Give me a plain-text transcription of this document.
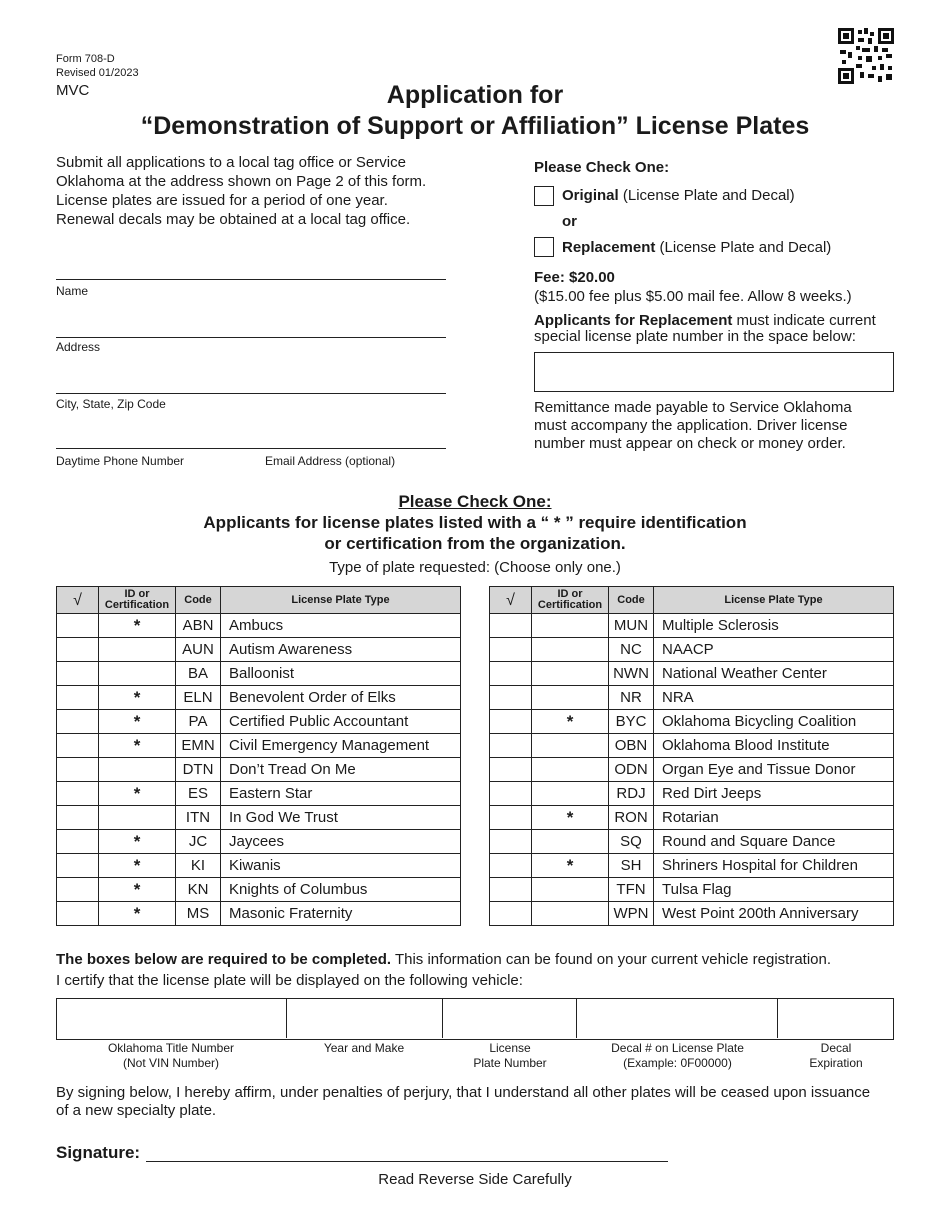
Form 708-D
Revised 01/2023
MVC	Application for
“Demonstration of Support or Affiliation” License Plates
Submit all applications to a local tag office or Service
Oklahoma at the address shown on Page 2 of this form.
License plates are issued for a period of one year.
Renewal decals may be obtained at a local tag office.
Name
Address
City, State, Zip Code
Daytime Phone Number	Email Address (optional)
Please Check One:
Original (License Plate and Decal)
or
Replacement (License Plate and Decal)
Fee: $20.00
($15.00 fee plus $5.00 mail fee. Allow 8 weeks.)
Applicants for Replacement must indicate current
special license plate number in the space below:
Remittance made payable to Service Oklahoma
must accompany the application. Driver license
number must appear on check or money order.
Please Check One:
Applicants for license plates listed with a “ * ” require identification
or certification from the organization.
Type of plate requested: (Choose only one.)
√	ID or Certification	Code	License Plate Type
	*	ABN	Ambucs
		AUN	Autism Awareness
		BA	Balloonist
	*	ELN	Benevolent Order of Elks
	*	PA	Certified Public Accountant
	*	EMN	Civil Emergency Management
		DTN	Don’t Tread On Me
	*	ES	Eastern Star
		ITN	In God We Trust
	*	JC	Jaycees
	*	KI	Kiwanis
	*	KN	Knights of Columbus
	*	MS	Masonic Fraternity
√	ID or Certification	Code	License Plate Type
		MUN	Multiple Sclerosis
		NC	NAACP
		NWN	National Weather Center
		NR	NRA
	*	BYC	Oklahoma Bicycling Coalition
		OBN	Oklahoma Blood Institute
		ODN	Organ Eye and Tissue Donor
		RDJ	Red Dirt Jeeps
	*	RON	Rotarian
		SQ	Round and Square Dance
	*	SH	Shriners Hospital for Children
		TFN	Tulsa Flag
		WPN	West Point 200th Anniversary
The boxes below are required to be completed. This information can be found on your current vehicle registration.
I certify that the license plate will be displayed on the following vehicle:
Oklahoma Title Number
(Not VIN Number)
Year and Make	License
Plate Number
Decal # on License Plate
(Example: 0F00000)
Decal
Expiration
By signing below, I hereby affirm, under penalties of perjury, that I understand all other plates will be ceased upon issuance
of a new specialty plate.
Signature:
Read Reverse Side Carefully
